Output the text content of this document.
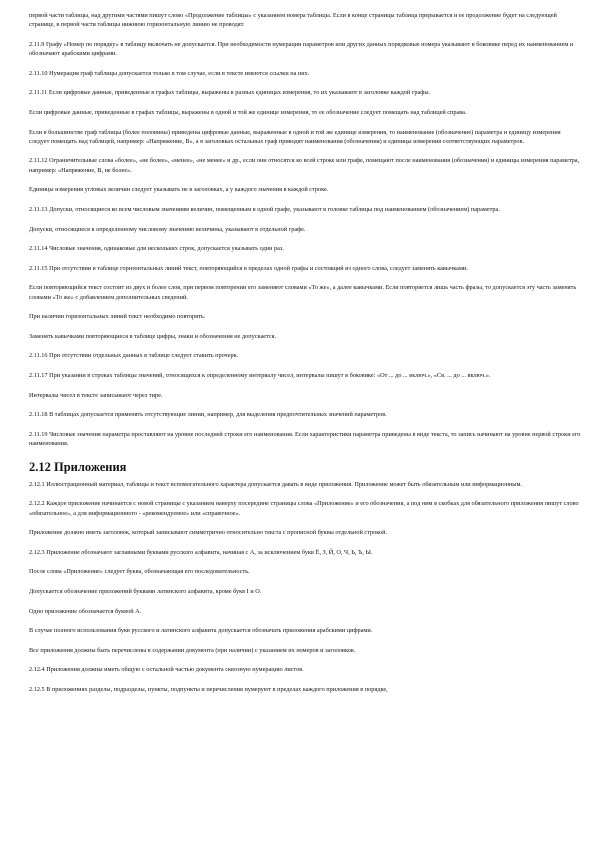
первой части таблицы, над другими частями пишут слово «Продолжение таблицы» с указанием номера таблицы. Если в конце страницы таблица прерывается и ее продолжение будет на следующей странице, в первой части таблицы нижнюю горизонтальную линию не проводят.

2.11.9 Графу «Номер по порядку» в таблицу включать не допускается. При необходимости нумерации параметров или других данных порядковые номера указывают в боковике перед их наименованием и обозначают арабскими цифрами.

2.11.10 Нумерация граф таблицы допускается только в том случае, если в тексте имеются ссылки на них.

2.11.11 Если цифровые данные, приведенные в графах таблицы, выражены в разных единицах измерения, то их указывают в заголовке каждой графы.

Если цифровые данные, приведенные в графах таблицы, выражены в одной и той же единице измерения, то ее обозначение следует помещать над таблицей справа.

Если в большинстве граф таблицы (более половины) приведены цифровые данные, выраженные в одной и той же единице измерения, то наименование (обозначение) параметра и единицу измерения следует помещать над таблицей, например: «Напряжение, В», а в заголовках остальных граф приводят наименования (обозначения) и единицы измерения соответствующих параметров.

2.11.12 Ограничительные слова «более», «не более», «менее», «не менее» и др., если они относятся ко всей строке или графе, помещают после наименования (обозначения) и единицы измерения параметра, например: «Напряжение, В, не более».

Единицы измерения угловых величин следует указывать не в заголовках, а у каждого значения в каждой строке.

2.11.13 Допуски, относящиеся ко всем числовым значениям величин, помещенным в одной графе, указывают в головке таблицы под наименованием (обозначением) параметра.

Допуски, относящиеся к определенному числовому значению величины, указывают в отдельной графе.

2.11.14 Числовые значения, одинаковые для нескольких строк, допускается указывать один раз.

2.11.15 При отсутствии в таблице горизонтальных линий текст, повторяющийся в пределах одной графы и состоящий из одного слова, следует заменять кавычками.

Если повторяющийся текст состоит из двух и более слов, при первом повторении его заменяют словами «То же», а далее кавычками. Если повторяется лишь часть фразы, то допускается эту часть заменять словами «То же» с добавлением дополнительных сведений.

При наличии горизонтальных линий текст необходимо повторять.

Заменять кавычками повторяющиеся в таблице цифры, знаки и обозначения не допускается.

2.11.16 При отсутствии отдельных данных в таблице следует ставить прочерк.

2.11.17 При указании в строках таблицы значений, относящихся к определенному интервалу чисел, интервалы пишут в боковике: «От ... до ... включ.», «Св. ... до ... включ.».

Интервалы чисел в тексте записывают через тире.

2.11.18 В таблицах допускается применять отсутствующие линии, например, для выделения предпочтительных значений параметров.

2.11.19 Числовые значения параметра проставляют на уровне последней строки его наименования. Если характеристики параметра приведены в виде текста, то запись начинают на уровне первой строки его наименования.

2.12 Приложения

2.12.1 Иллюстрационный материал, таблицы и текст вспомогательного характера допускается давать в виде приложения. Приложение может быть обязательным или информационным.

2.12.2 Каждое приложение начинается с новой страницы с указанием наверху посередине страницы слова «Приложение» и его обозначения, а под ним в скобках для обязательного приложения пишут слово «обязательное», а для информационного - «рекомендуемое» или «справочное».

Приложение должно иметь заголовок, который записывают симметрично относительно текста с прописной буквы отдельной строкой.

2.12.3 Приложение обозначают заглавными буквами русского алфавита, начиная с А, за исключением букв Ё, З, Й, О, Ч, Ь, Ъ, Ы.

После слова «Приложение» следует буква, обозначающая его последовательность.

Допускается обозначение приложений буквами латинского алфавита, кроме букв I и О.

Одно приложение обозначается буквой А.

В случае полного использования букв русского и латинского алфавита допускается обозначать приложения арабскими цифрами.

Все приложения должны быть перечислены в содержании документа (при наличии) с указанием их номеров и заголовков.

2.12.4 Приложения должны иметь общую с остальной частью документа сквозную нумерацию листов.

2.12.5 В приложениях разделы, подразделы, пункты, подпункты и перечисления нумеруют в пределах каждого приложения в порядке,
